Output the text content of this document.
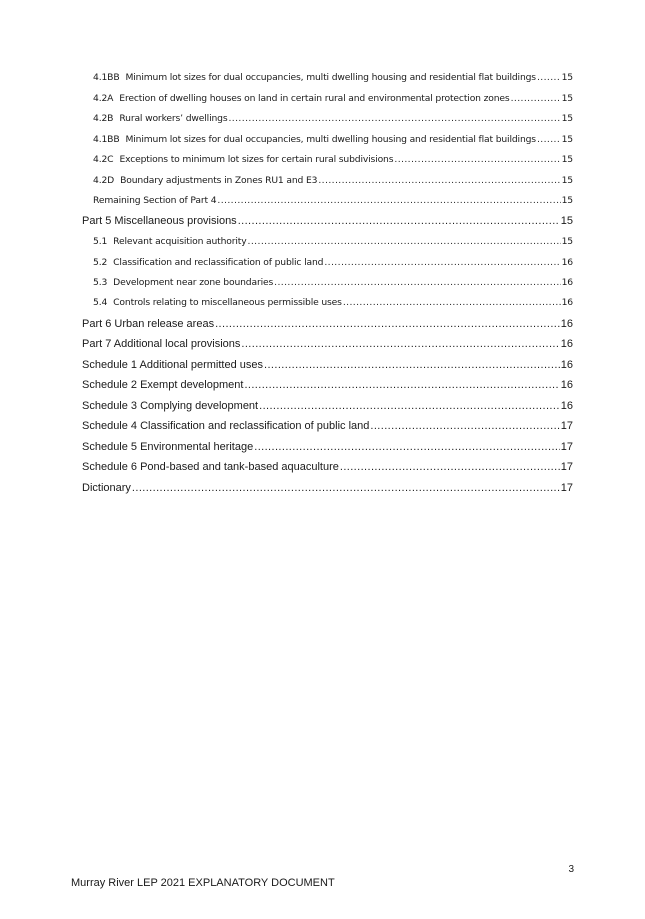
4.1BB Minimum lot sizes for dual occupancies, multi dwelling housing and residential flat buildings .....	15
4.2A Erection of dwelling houses on land in certain rural and environmental protection zones .....	15
4.2B Rural workers’ dwellings .....	15
4.1BB Minimum lot sizes for dual occupancies, multi dwelling housing and residential flat buildings .....	15
4.2C Exceptions to minimum lot sizes for certain rural subdivisions .....	15
4.2D Boundary adjustments in Zones RU1 and E3 .....	15
Remaining Section of Part 4 .....	15
Part 5 Miscellaneous provisions .....	15
5.1 Relevant acquisition authority .....	15
5.2 Classification and reclassification of public land .....	16
5.3 Development near zone boundaries .....	16
5.4 Controls relating to miscellaneous permissible uses .....	16
Part 6 Urban release areas .....	16
Part 7 Additional local provisions .....	16
Schedule 1 Additional permitted uses .....	16
Schedule 2 Exempt development .....	16
Schedule 3 Complying development .....	16
Schedule 4 Classification and reclassification of public land .....	17
Schedule 5 Environmental heritage .....	17
Schedule 6 Pond-based and tank-based aquaculture .....	17
Dictionary .....	17
3
Murray River LEP 2021 EXPLANATORY DOCUMENT
